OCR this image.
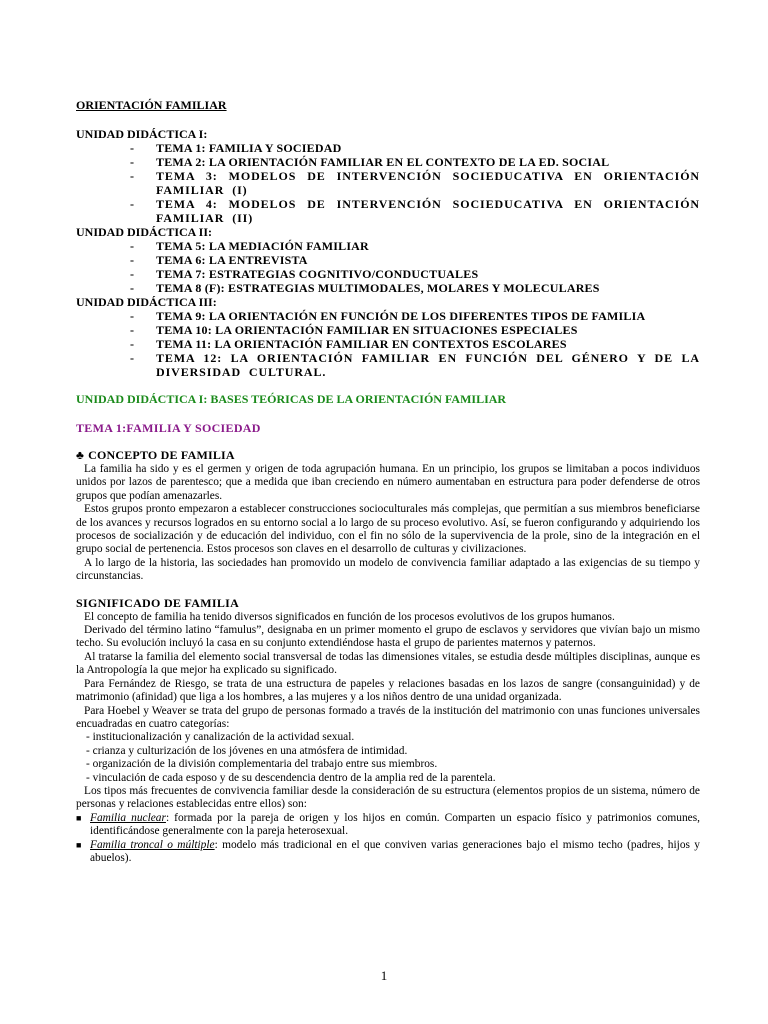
ORIENTACIÓN FAMILIAR
UNIDAD DIDÁCTICA I:
-	TEMA 1: FAMILIA Y SOCIEDAD
-	TEMA 2: LA ORIENTACIÓN FAMILIAR EN EL CONTEXTO DE LA ED. SOCIAL
-	TEMA 3: MODELOS DE INTERVENCIÓN SOCIEDUCATIVA EN ORIENTACIÓN FAMILIAR (I)
-	TEMA 4: MODELOS DE INTERVENCIÓN SOCIEDUCATIVA EN ORIENTACIÓN FAMILIAR (II)
UNIDAD DIDÁCTICA II:
-	TEMA 5: LA MEDIACIÓN FAMILIAR
-	TEMA 6: LA ENTREVISTA
-	TEMA 7: ESTRATEGIAS COGNITIVO/CONDUCTUALES
-	TEMA 8 (F): ESTRATEGIAS MULTIMODALES, MOLARES Y MOLECULARES
UNIDAD DIDÁCTICA III:
-	TEMA 9: LA ORIENTACIÓN EN FUNCIÓN DE LOS DIFERENTES TIPOS DE FAMILIA
-	TEMA 10: LA ORIENTACIÓN FAMILIAR EN SITUACIONES ESPECIALES
-	TEMA 11: LA ORIENTACIÓN FAMILIAR EN CONTEXTOS ESCOLARES
-	TEMA 12: LA ORIENTACIÓN FAMILIAR EN FUNCIÓN DEL GÉNERO Y DE LA DIVERSIDAD CULTURAL.
UNIDAD DIDÁCTICA I: BASES TEÓRICAS DE LA ORIENTACIÓN FAMILIAR
TEMA 1:FAMILIA Y SOCIEDAD
♣ CONCEPTO DE FAMILIA
La familia ha sido y es el germen y origen de toda agrupación humana. En un principio, los grupos se limitaban a pocos individuos unidos por lazos de parentesco; que a medida que iban creciendo en número aumentaban en estructura para poder defenderse de otros grupos que podían amenazarles.
Estos grupos pronto empezaron a establecer construcciones socioculturales más complejas, que permitían a sus miembros beneficiarse de los avances y recursos logrados en su entorno social a lo largo de su proceso evolutivo. Así, se fueron configurando y adquiriendo los procesos de socialización y de educación del individuo, con el fin no sólo de la supervivencia de la prole, sino de la integración en el grupo social de pertenencia. Estos procesos son claves en el desarrollo de culturas y civilizaciones.
A lo largo de la historia, las sociedades han promovido un modelo de convivencia familiar adaptado a las exigencias de su tiempo y circunstancias.
SIGNIFICADO DE FAMILIA
El concepto de familia ha tenido diversos significados en función de los procesos evolutivos de los grupos humanos.
Derivado del término latino “famulus”, designaba en un primer momento el grupo de esclavos y servidores que vivían bajo un mismo techo. Su evolución incluyó la casa en su conjunto extendiéndose hasta el grupo de parientes maternos y paternos.
Al tratarse la familia del elemento social transversal de todas las dimensiones vitales, se estudia desde múltiples disciplinas, aunque es la Antropología la que mejor ha explicado su significado.
Para Fernández de Riesgo, se trata de una estructura de papeles y relaciones basadas en los lazos de sangre (consanguinidad) y de matrimonio (afinidad) que liga a los hombres, a las mujeres y a los niños dentro de una unidad organizada.
Para Hoebel y Weaver se trata del grupo de personas formado a través de la institución del matrimonio con unas funciones universales encuadradas en cuatro categorías:
- institucionalización y canalización de la actividad sexual.
- crianza y culturización de los jóvenes en una atmósfera de intimidad.
- organización de la división complementaria del trabajo entre sus miembros.
- vinculación de cada esposo y de su descendencia dentro de la amplia red de la parentela.
Los tipos más frecuentes de convivencia familiar desde la consideración de su estructura (elementos propios de un sistema, número de personas y relaciones establecidas entre ellos) son:
■ Familia nuclear: formada por la pareja de origen y los hijos en común. Comparten un espacio físico y patrimonios comunes, identificándose generalmente con la pareja heterosexual.
■ Familia troncal o múltiple: modelo más tradicional en el que conviven varias generaciones bajo el mismo techo (padres, hijos y abuelos).
1
